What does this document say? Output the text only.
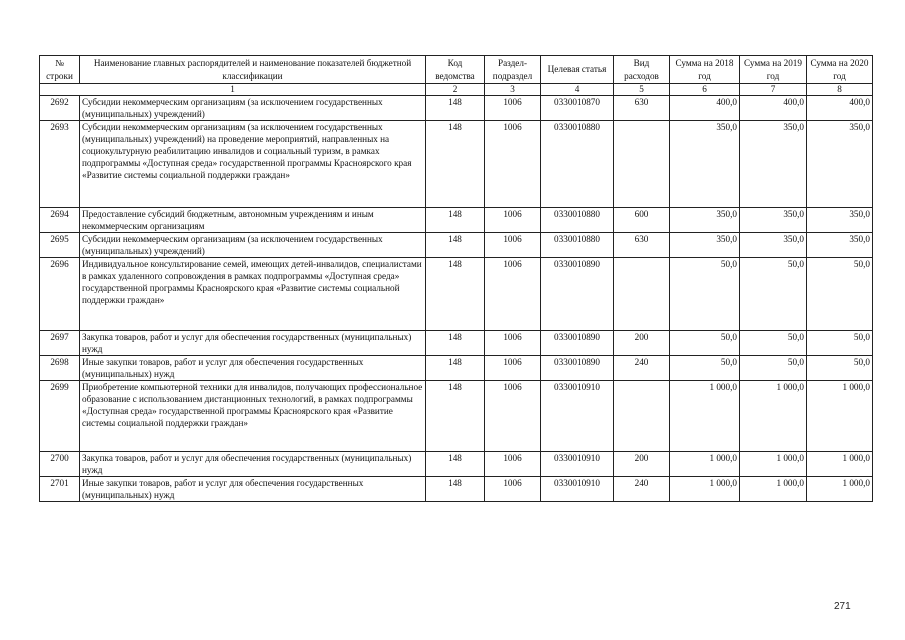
№ строки	Наименование главных распорядителей и наименование показателей бюджетной классификации	Код ведомства	Раздел-подраздел	Целевая статья	Вид расходов	Сумма на 2018 год	Сумма на 2019 год	Сумма на 2020 год
1		2	3	4	5	6	7	8
2692	Субсидии некоммерческим организациям (за исключением государственных (муниципальных) учреждений)	148	1006	0330010870	630	400,0	400,0	400,0
2693	Субсидии некоммерческим организациям (за исключением государственных (муниципальных) учреждений) на проведение мероприятий, направленных на социокультурную реабилитацию инвалидов и социальный туризм, в рамках подпрограммы «Доступная среда» государственной программы Красноярского края «Развитие системы социальной поддержки граждан»	148	1006	0330010880		350,0	350,0	350,0
2694	Предоставление субсидий бюджетным, автономным учреждениям и иным некоммерческим организациям	148	1006	0330010880	600	350,0	350,0	350,0
2695	Субсидии некоммерческим организациям (за исключением государственных (муниципальных) учреждений)	148	1006	0330010880	630	350,0	350,0	350,0
2696	Индивидуальное консультирование семей, имеющих детей-инвалидов, специалистами в рамках удаленного сопровождения в рамках подпрограммы «Доступная среда» государственной программы Красноярского края «Развитие системы социальной поддержки граждан»	148	1006	0330010890		50,0	50,0	50,0
2697	Закупка товаров, работ и услуг для обеспечения государственных (муниципальных) нужд	148	1006	0330010890	200	50,0	50,0	50,0
2698	Иные закупки товаров, работ и услуг для обеспечения государственных (муниципальных) нужд	148	1006	0330010890	240	50,0	50,0	50,0
2699	Приобретение компьютерной техники для инвалидов, получающих профессиональное образование с использованием дистанционных технологий, в рамках подпрограммы «Доступная среда» государственной программы Красноярского края «Развитие системы социальной поддержки граждан»	148	1006	0330010910		1 000,0	1 000,0	1 000,0
2700	Закупка товаров, работ и услуг для обеспечения государственных (муниципальных) нужд	148	1006	0330010910	200	1 000,0	1 000,0	1 000,0
2701	Иные закупки товаров, работ и услуг для обеспечения государственных (муниципальных) нужд	148	1006	0330010910	240	1 000,0	1 000,0	1 000,0
271
